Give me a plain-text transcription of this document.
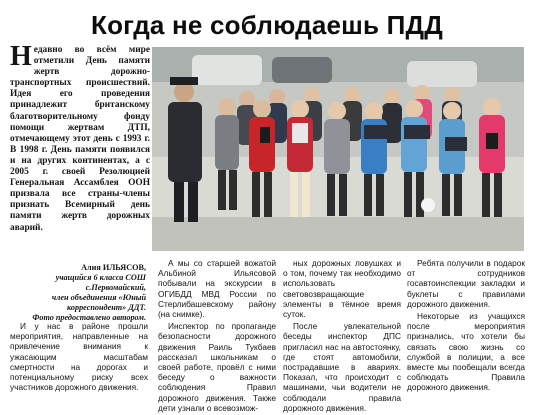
Когда не соблюдаешь ПДД
Недавно во всём мире отметили День памяти жертв дорожно-транспортных происшествий. Идея его проведения принадлежит британскому благотворительному фонду помощи жертвам ДТП, отмечающему этот день с 1993 г. В 1998 г. День памяти появился и на других континентах, а с 2005 г. своей Резолюцией Генеральная Ассамблея ООН призвала все страны-члены признать Всемирный день памяти жертв дорожных аварий.
Алия ИЛЬЯСОВ,
учащийся 6 класса СОШ с.Первомайский,
член объединения «Юный корреспондент» ДДТ.
Фото предоставлено автором.

И у нас в районе прошли мероприятия, направленные на привлечение внимания к ужасающим масштабам смертности на дорогах и потенциальному риску всех участников дорожного движения.

А мы со старшей вожатой Альбиной Ильясовой побывали на экскурсии в ОГИБДД МВД России по Стерлибашевскому району (на снимке).

Инспектор по пропаганде безопасности дорожного движения Раиль Тукбаев рассказал школьникам о своей работе, провёл с ними беседу о важности соблюдения Правил дорожного движения. Также дети узнали о всевозмож-

ных дорожных ловушках и о том, почему так необходимо использовать световозвращающие элементы в тёмное время суток.

После увлекательной беседы инспектор ДПС пригласил нас на автостоянку, где стоят автомобили, пострадавшие в авариях. Показал, что происходит с машинами, чьи водители не соблюдали правила дорожного движения.

Ребята получили в подарок от сотрудников госавтоинспекции закладки и буклеты с правилами дорожного движения.

Некоторые из учащихся после мероприятия признались, что хотели бы связать свою жизнь со службой в полиции, а все вместе мы пообещали всегда соблюдать Правила дорожного движения.
